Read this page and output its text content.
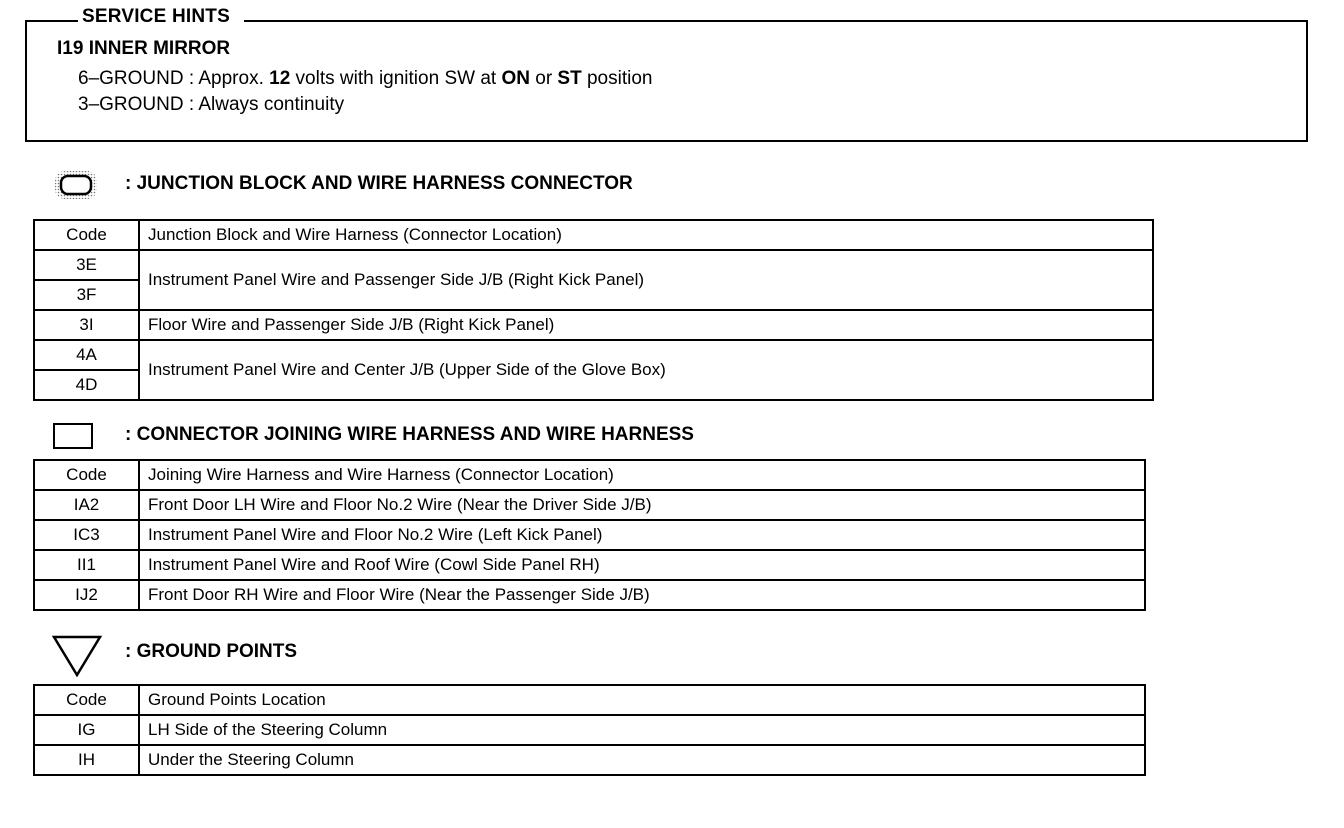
SERVICE HINTS
I19 INNER MIRROR
6–GROUND : Approx. 12 volts with ignition SW at ON or ST position
3–GROUND : Always continuity
: JUNCTION BLOCK AND WIRE HARNESS CONNECTOR
Code	Junction Block and Wire Harness (Connector Location)
3E	Instrument Panel Wire and Passenger Side J/B (Right Kick Panel)
3F	
3I	Floor Wire and Passenger Side J/B (Right Kick Panel)
4A	Instrument Panel Wire and Center J/B (Upper Side of the Glove Box)
4D	
: CONNECTOR JOINING WIRE HARNESS AND WIRE HARNESS
Code	Joining Wire Harness and Wire Harness (Connector Location)
IA2	Front Door LH Wire and Floor No.2 Wire (Near the Driver Side J/B)
IC3	Instrument Panel Wire and Floor No.2 Wire (Left Kick Panel)
II1	Instrument Panel Wire and Roof Wire (Cowl Side Panel RH)
IJ2	Front Door RH Wire and Floor Wire (Near the Passenger Side J/B)
: GROUND POINTS
Code	Ground Points Location
IG	LH Side of the Steering Column
IH	Under the Steering Column
